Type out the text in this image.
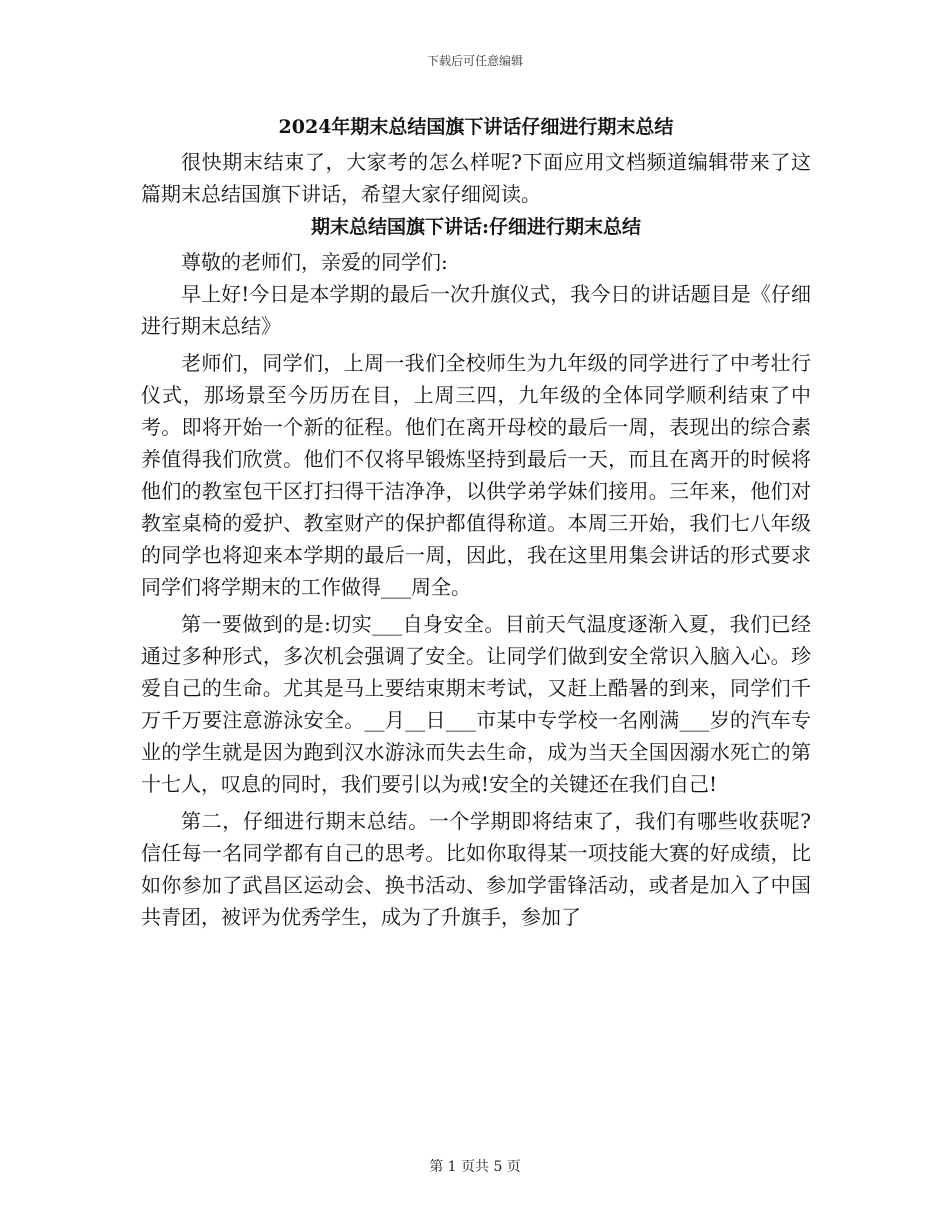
下载后可任意编辑
2024年期末总结国旗下讲话仔细进行期末总结

很快期末结束了，大家考的怎么样呢?下面应用文档频道编辑带来了这篇期末总结国旗下讲话，希望大家仔细阅读。

期末总结国旗下讲话:仔细进行期末总结

尊敬的老师们，亲爱的同学们:

早上好!今日是本学期的最后一次升旗仪式，我今日的讲话题目是《仔细进行期末总结》

老师们，同学们，上周一我们全校师生为九年级的同学进行了中考壮行仪式，那场景至今历历在目，上周三四，九年级的全体同学顺利结束了中考。即将开始一个新的征程。他们在离开母校的最后一周，表现出的综合素养值得我们欣赏。他们不仅将早锻炼坚持到最后一天，而且在离开的时候将他们的教室包干区打扫得干洁净净，以供学弟学妹们接用。三年来，他们对教室桌椅的爱护、教室财产的保护都值得称道。本周三开始，我们七八年级的同学也将迎来本学期的最后一周，因此，我在这里用集会讲话的形式要求同学们将学期末的工作做得___周全。

第一要做到的是:切实___自身安全。目前天气温度逐渐入夏，我们已经通过多种形式，多次机会强调了安全。让同学们做到安全常识入脑入心。珍爱自己的生命。尤其是马上要结束期末考试，又赶上酷暑的到来，同学们千万千万要注意游泳安全。__月__日___市某中专学校一名刚满___岁的汽车专业的学生就是因为跑到汉水游泳而失去生命，成为当天全国因溺水死亡的第十七人，叹息的同时，我们要引以为戒!安全的关键还在我们自己!

第二，仔细进行期末总结。一个学期即将结束了，我们有哪些收获呢?信任每一名同学都有自己的思考。比如你取得某一项技能大赛的好成绩，比如你参加了武昌区运动会、换书活动、参加学雷锋活动，或者是加入了中国共青团，被评为优秀学生，成为了升旗手，参加了

第 1 页共 5 页
